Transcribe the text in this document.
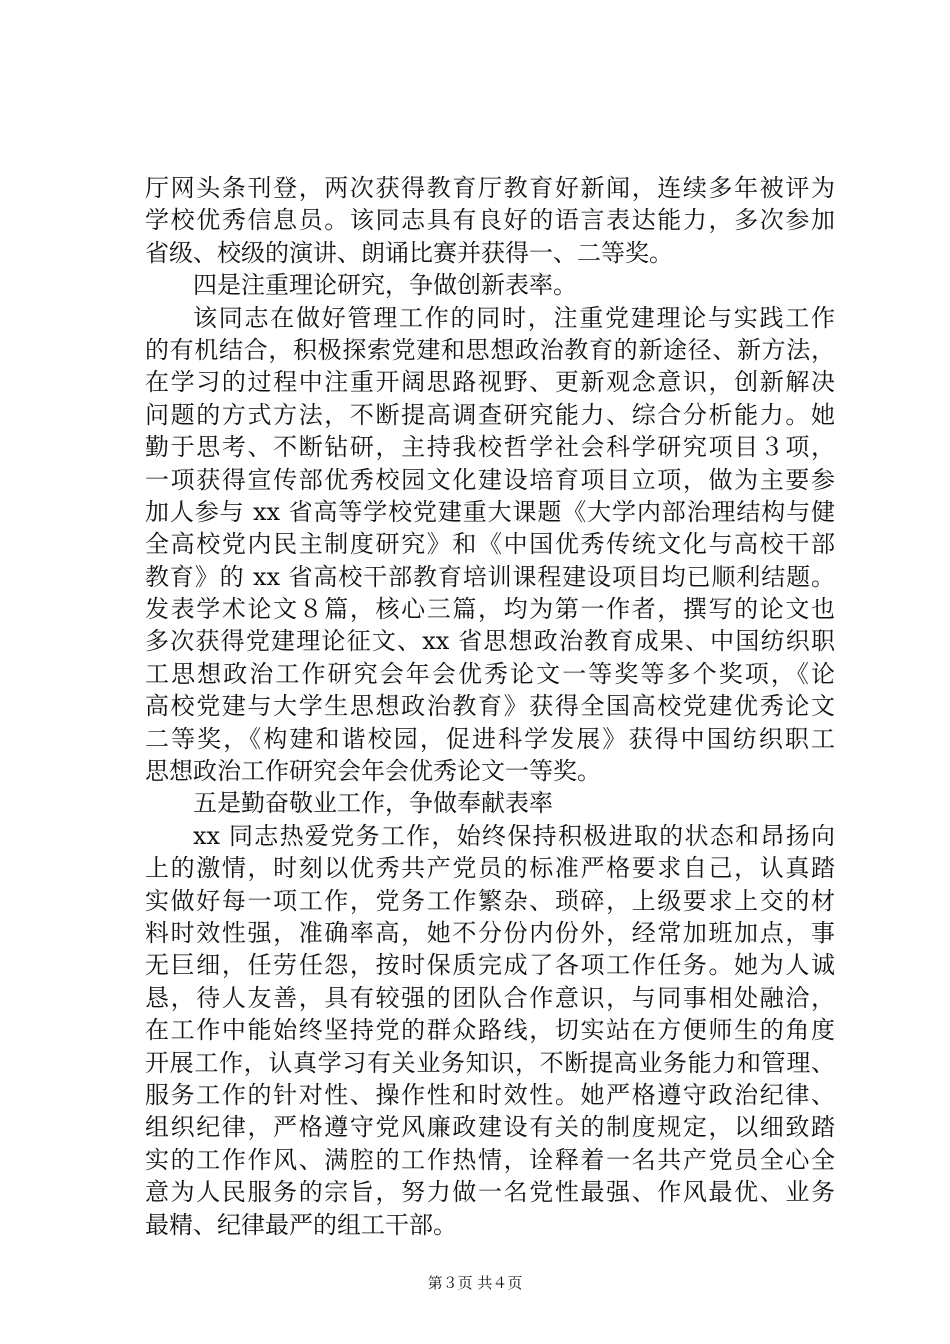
厅网头条刊登，两次获得教育厅教育好新闻，连续多年被评为
学校优秀信息员。该同志具有良好的语言表达能力，多次参加
省级、校级的演讲、朗诵比赛并获得一、二等奖。
四是注重理论研究，争做创新表率。
该同志在做好管理工作的同时，注重党建理论与实践工作
的有机结合，积极探索党建和思想政治教育的新途径、新方法，
在学习的过程中注重开阔思路视野、更新观念意识，创新解决
问题的方式方法，不断提高调查研究能力、综合分析能力。她
勤于思考、不断钻研，主持我校哲学社会科学研究项目３项，
一项获得宣传部优秀校园文化建设培育项目立项，做为主要参
加人参与 xx 省高等学校党建重大课题《大学内部治理结构与健
全高校党内民主制度研究》和《中国优秀传统文化与高校干部
教育》的 xx 省高校干部教育培训课程建设项目均已顺利结题。
发表学术论文８篇，核心三篇，均为第一作者，撰写的论文也
多次获得党建理论征文、xx 省思想政治教育成果、中国纺织职
工思想政治工作研究会年会优秀论文一等奖等多个奖项，《论
高校党建与大学生思想政治教育》获得全国高校党建优秀论文
二等奖，《构建和谐校园，促进科学发展》获得中国纺织职工
思想政治工作研究会年会优秀论文一等奖。
五是勤奋敬业工作，争做奉献表率
xx 同志热爱党务工作，始终保持积极进取的状态和昂扬向
上的激情，时刻以优秀共产党员的标准严格要求自己，认真踏
实做好每一项工作，党务工作繁杂、琐碎，上级要求上交的材
料时效性强，准确率高，她不分份内份外，经常加班加点，事
无巨细，任劳任怨，按时保质完成了各项工作任务。她为人诚
恳，待人友善，具有较强的团队合作意识，与同事相处融洽，
在工作中能始终坚持党的群众路线，切实站在方便师生的角度
开展工作，认真学习有关业务知识，不断提高业务能力和管理、
服务工作的针对性、操作性和时效性。她严格遵守政治纪律、
组织纪律，严格遵守党风廉政建设有关的制度规定，以细致踏
实的工作作风、满腔的工作热情，诠释着一名共产党员全心全
意为人民服务的宗旨，努力做一名党性最强、作风最优、业务
最精、纪律最严的组工干部。
第３页 共４页
